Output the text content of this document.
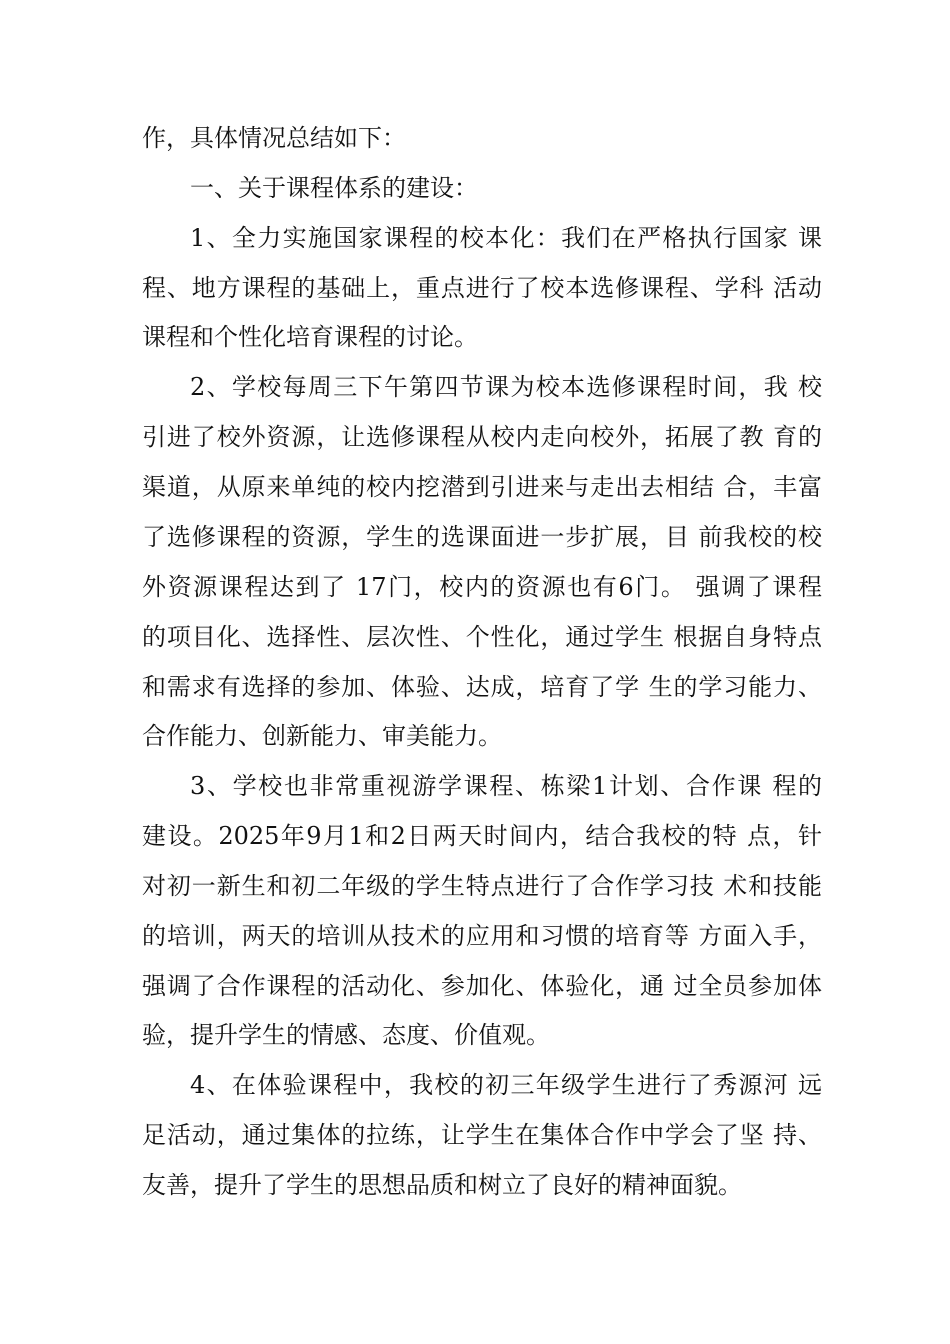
作，具体情况总结如下：
一、关于课程体系的建设：
1、全力实施国家课程的校本化：我们在严格执行国家 课
程、地方课程的基础上，重点进行了校本选修课程、学科 活动
课程和个性化培育课程的讨论。
2、学校每周三下午第四节课为校本选修课程时间，我 校
引进了校外资源，让选修课程从校内走向校外，拓展了教 育的
渠道，从原来单纯的校内挖潜到引进来与走出去相结 合，丰富
了选修课程的资源，学生的选课面进一步扩展，目 前我校的校
外资源课程达到了 17门，校内的资源也有6门。 强调了课程
的项目化、选择性、层次性、个性化，通过学生 根据自身特点
和需求有选择的参加、体验、达成，培育了学 生的学习能力、
合作能力、创新能力、审美能力。
3、学校也非常重视游学课程、栋梁1计划、合作课 程的
建设。2025年9月1和2日两天时间内，结合我校的特 点，针
对初一新生和初二年级的学生特点进行了合作学习技 术和技能
的培训，两天的培训从技术的应用和习惯的培育等 方面入手，
强调了合作课程的活动化、参加化、体验化，通 过全员参加体
验，提升学生的情感、态度、价值观。
4、在体验课程中，我校的初三年级学生进行了秀源河 远
足活动，通过集体的拉练，让学生在集体合作中学会了坚 持、
友善，提升了学生的思想品质和树立了良好的精神面貌。
